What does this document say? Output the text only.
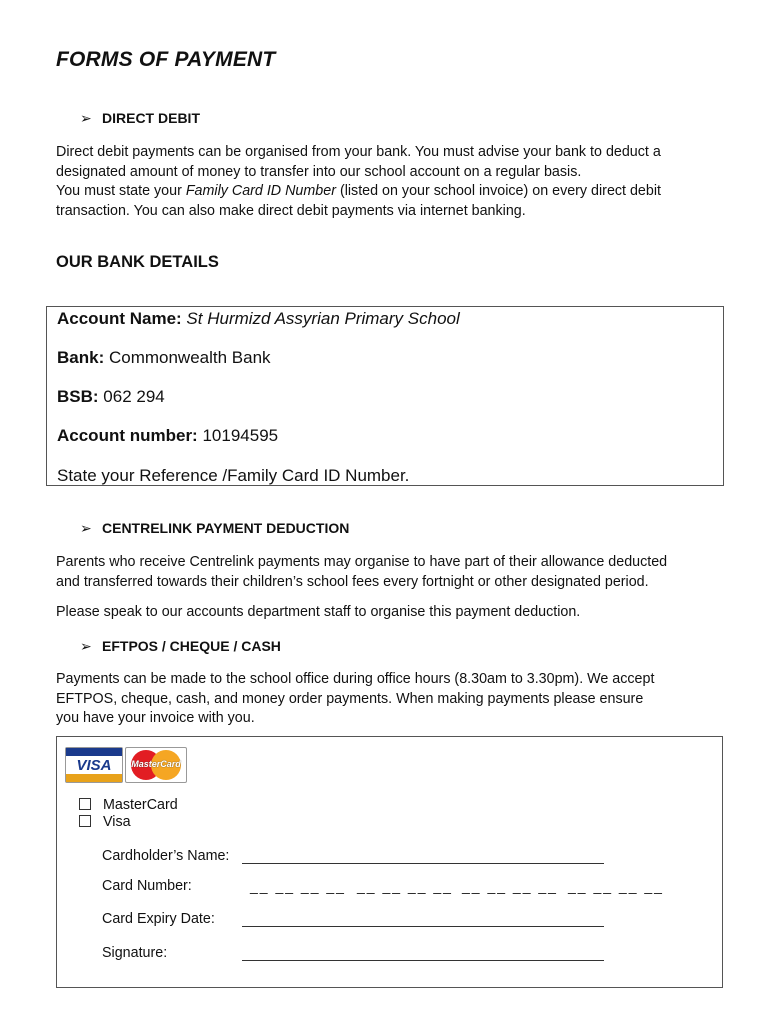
FORMS OF PAYMENT
➢ DIRECT DEBIT
Direct debit payments can be organised from your bank. You must advise your bank to deduct a
designated amount of money to transfer into our school account on a regular basis.
You must state your Family Card ID Number (listed on your school invoice) on every direct debit
transaction. You can also make direct debit payments via internet banking.
OUR BANK DETAILS
Account Name: St Hurmizd Assyrian Primary School
Bank: Commonwealth Bank
BSB: 062 294
Account number: 10194595
State your Reference /Family Card ID Number.
➢ CENTRELINK PAYMENT DEDUCTION
Parents who receive Centrelink payments may organise to have part of their allowance deducted
and transferred towards their children’s school fees every fortnight or other designated period.
Please speak to our accounts department staff to organise this payment deduction.
➢ EFTPOS / CHEQUE / CASH
Payments can be made to the school office during office hours (8.30am to 3.30pm). We accept
EFTPOS, cheque, cash, and money order payments. When making payments please ensure
you have your invoice with you.
VISA	MasterCard
MasterCard
Visa
Cardholder’s Name:
Card Number:	__ __ __ __ __ __ __ __ __ __ __ __ __ __ __ __
Card Expiry Date:
Signature:
